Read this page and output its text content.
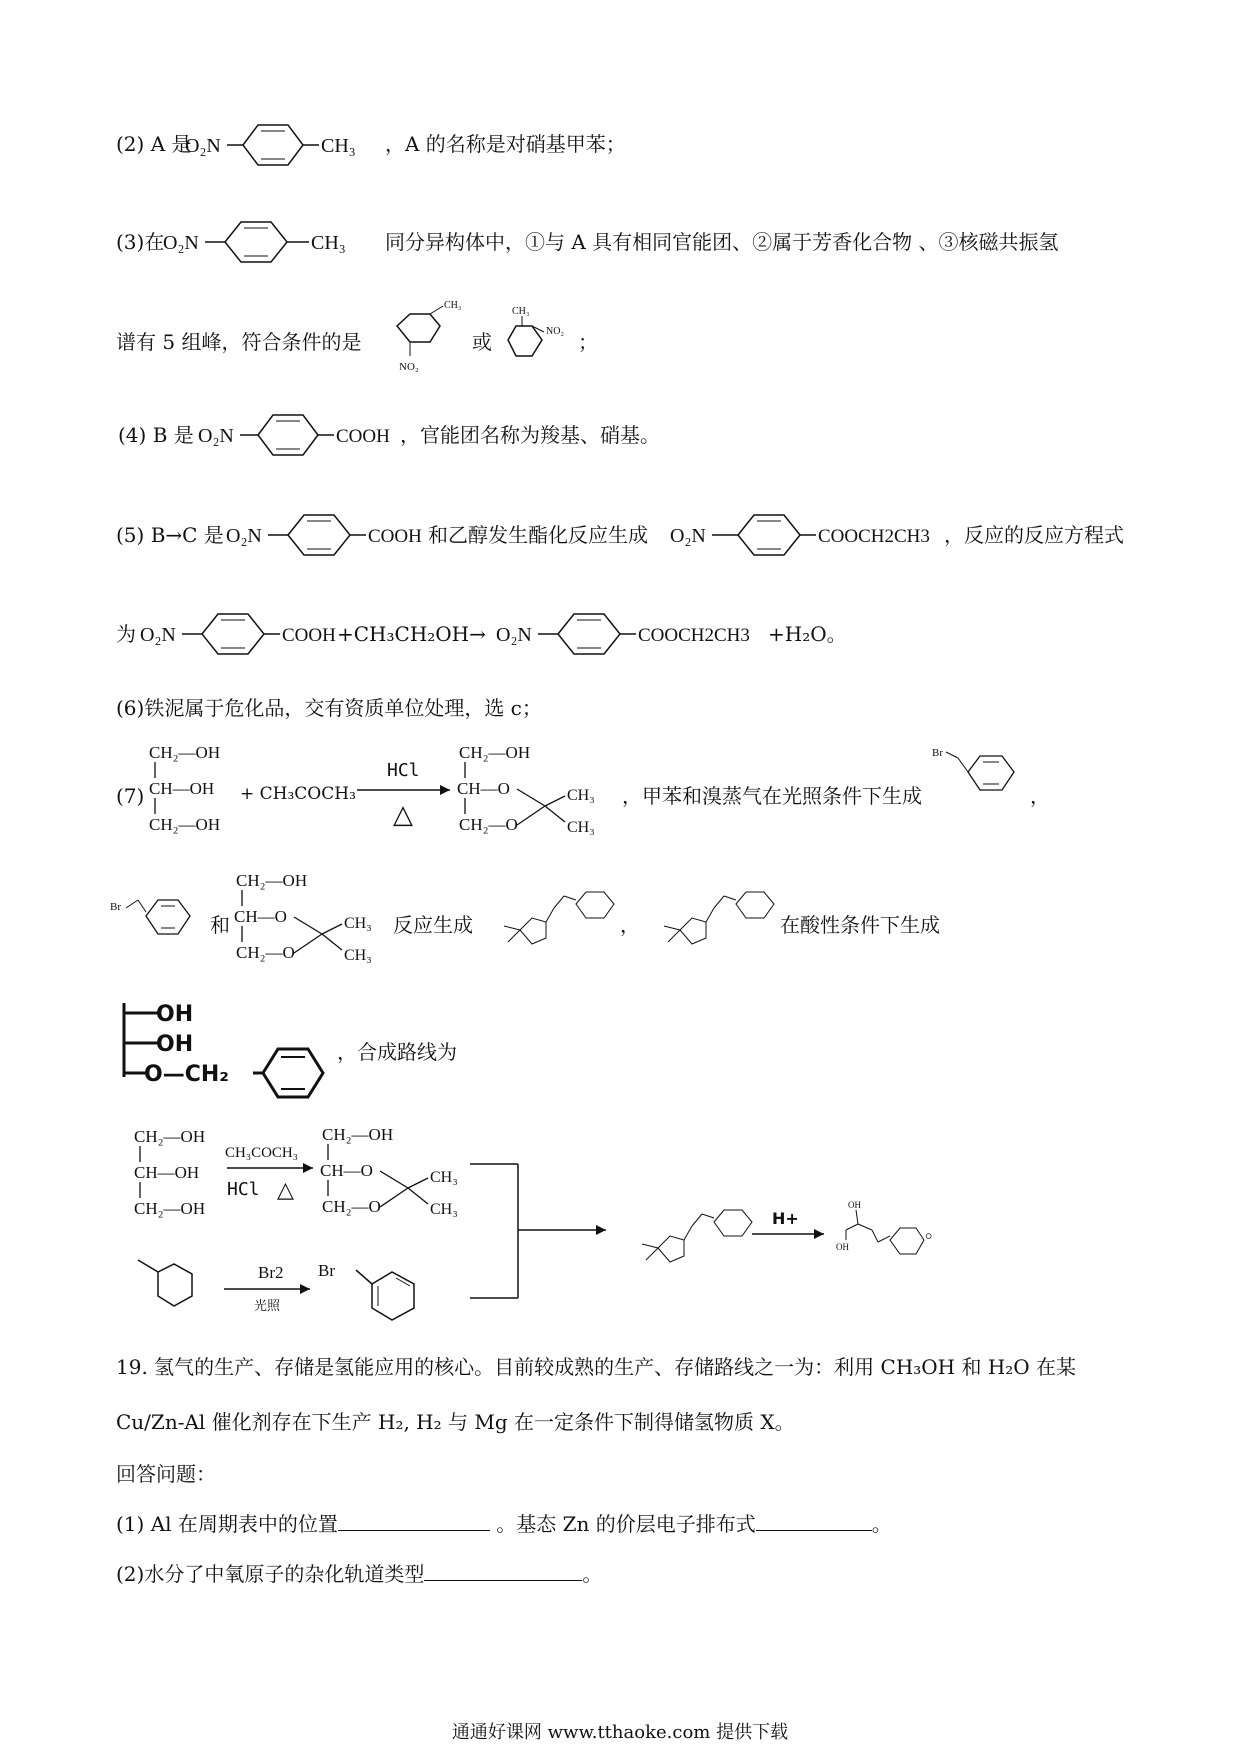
(2) A 是
O₂N	CH₃ ，A 的名称是对硝基甲苯；
(3)在
O₂N	CH₃ 同分异构体中，①与 A 具有相同官能团、②属于芳香化合物 、③核磁共振氢
谱有 5 组峰，符合条件的是
CH₃
NO₂
或
CH₃
NO₂ ；
(4) B 是 O₂N	COOH ，官能团名称为羧基、硝基。
(5) B→C 是 O₂N	COOH 和乙醇发生酯化反应生成 O₂N	COOCH2CH3 ，反应的反应方程式
为 O₂N	COOH +CH₃CH₂OH→ O₂N	COOCH2CH3 +H₂O。
(6)铁泥属于危化品，交有资质单位处理，选 c；
(7)
CH₂—OH
CH—OH
CH₂—OH
+ CH₃COCH₃
HCl
△
CH₂—OH
CH—O
CH₂—O
CH₃
CH₃
，甲苯和溴蒸气在光照条件下生成
Br
，
Br
和
CH₂—OH
CH—O
CH₂—O
CH₃
CH₃
反应生成	，	在酸性条件下生成
OH
OH
O—CH₂
，合成路线为
CH₂—OH
CH—OH
CH₂—OH
CH₃COCH₃
HCl △
CH₂—OH
CH—O
CH₂—O
CH₃
CH₃
Br2
光照
Br
H+
OH
OH
。
19. 氢气的生产、存储是氢能应用的核心。目前较成熟的生产、存储路线之一为：利用 CH₃OH 和 H₂O 在某
Cu/Zn-Al 催化剂存在下生产 H₂, H₂ 与 Mg 在一定条件下制得储氢物质 X。
回答问题：
(1) Al 在周期表中的位置	。基态 Zn 的价层电子排布式	。
(2)水分了中氧原子的杂化轨道类型	。
通通好课网 www.tthaoke.com 提供下载
